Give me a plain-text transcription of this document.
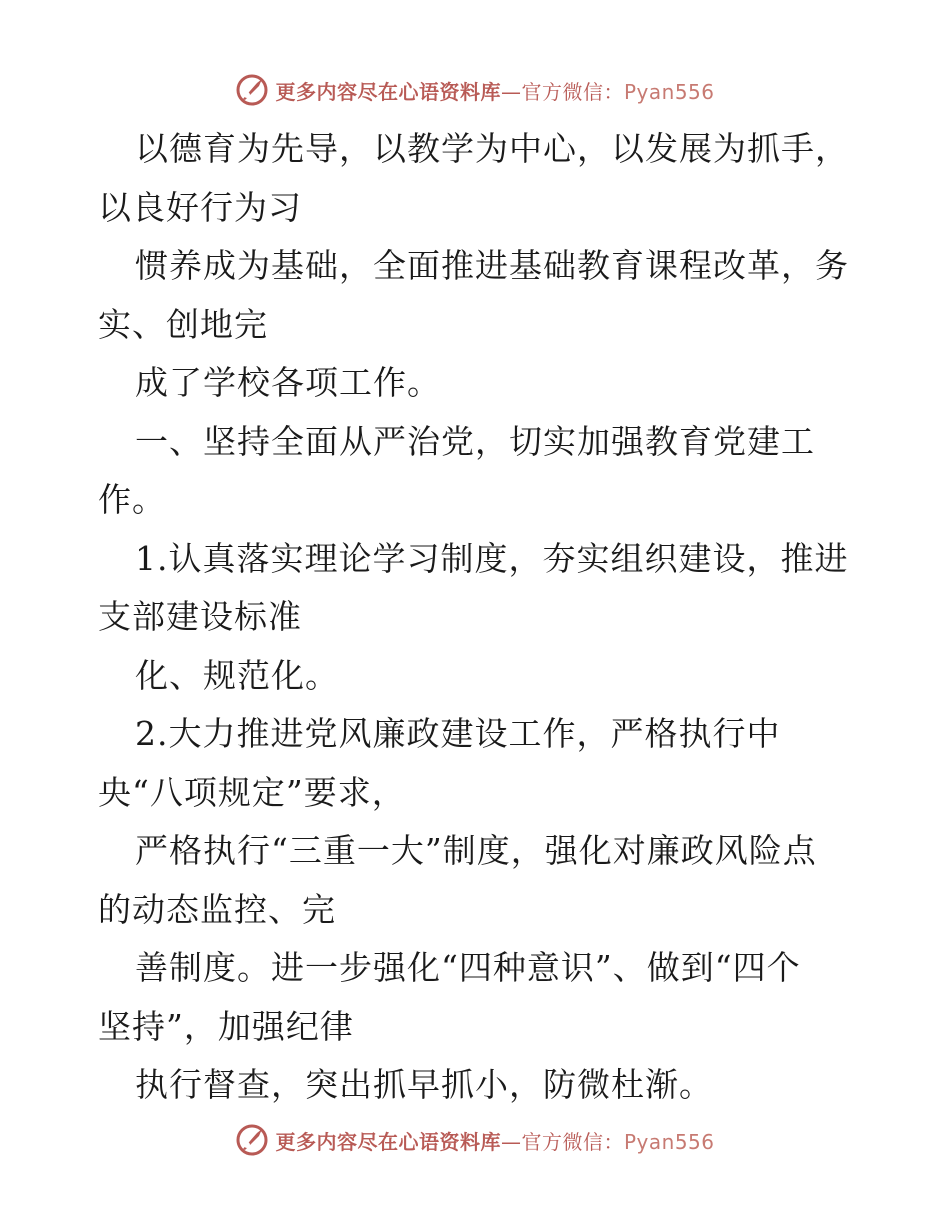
更多内容尽在心语资料库—官方微信：Pyan556
以德育为先导，以教学为中心，以发展为抓手，
以良好行为习
惯养成为基础，全面推进基础教育课程改革，务
实、创地完
成了学校各项工作。
一、坚持全面从严治党，切实加强教育党建工
作。
1.认真落实理论学习制度，夯实组织建设，推进
支部建设标准
化、规范化。
2.大力推进党风廉政建设工作，严格执行中
央“八项规定”要求，
严格执行“三重一大”制度，强化对廉政风险点
的动态监控、完
善制度。进一步强化“四种意识”、做到“四个
坚持”，加强纪律
执行督查，突出抓早抓小，防微杜渐。
更多内容尽在心语资料库—官方微信：Pyan556
